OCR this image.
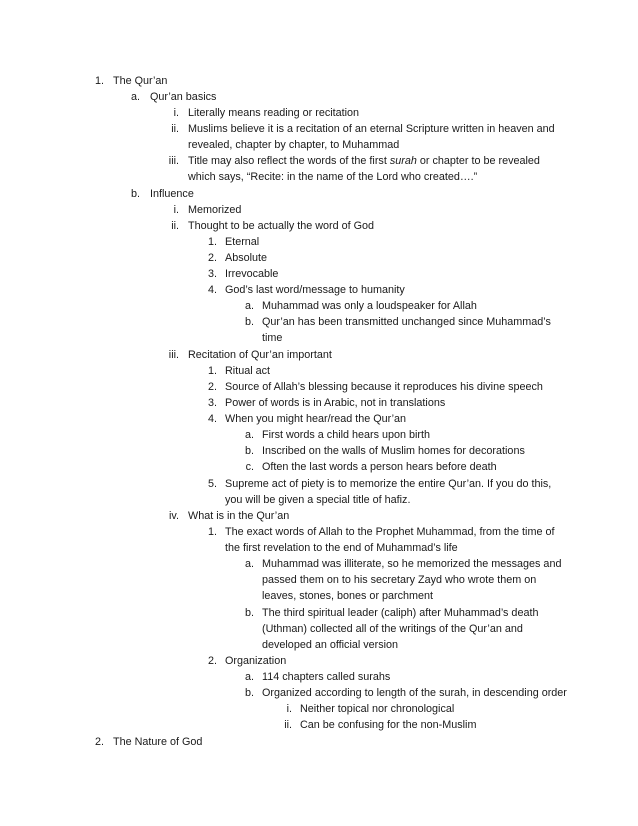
1. The Qur’an
a. Qur’an basics
i. Literally means reading or recitation
ii. Muslims believe it is a recitation of an eternal Scripture written in heaven and
revealed, chapter by chapter, to Muhammad
iii. Title may also reflect the words of the first surah or chapter to be revealed
which says, “Recite: in the name of the Lord who created….”
b. Influence
i. Memorized
ii. Thought to be actually the word of God
1. Eternal
2. Absolute
3. Irrevocable
4. God’s last word/message to humanity
a. Muhammad was only a loudspeaker for Allah
b. Qur’an has been transmitted unchanged since Muhammad’s
time
iii. Recitation of Qur’an important
1. Ritual act
2. Source of Allah’s blessing because it reproduces his divine speech
3. Power of words is in Arabic, not in translations
4. When you might hear/read the Qur’an
a. First words a child hears upon birth
b. Inscribed on the walls of Muslim homes for decorations
c. Often the last words a person hears before death
5. Supreme act of piety is to memorize the entire Qur’an. If you do this,
you will be given a special title of hafiz.
iv. What is in the Qur’an
1. The exact words of Allah to the Prophet Muhammad, from the time of
the first revelation to the end of Muhammad’s life
a. Muhammad was illiterate, so he memorized the messages and
passed them on to his secretary Zayd who wrote them on
leaves, stones, bones or parchment
b. The third spiritual leader (caliph) after Muhammad’s death
(Uthman) collected all of the writings of the Qur’an and
developed an official version
2. Organization
a. 114 chapters called surahs
b. Organized according to length of the surah, in descending order
i. Neither topical nor chronological
ii. Can be confusing for the non-Muslim
2. The Nature of God
